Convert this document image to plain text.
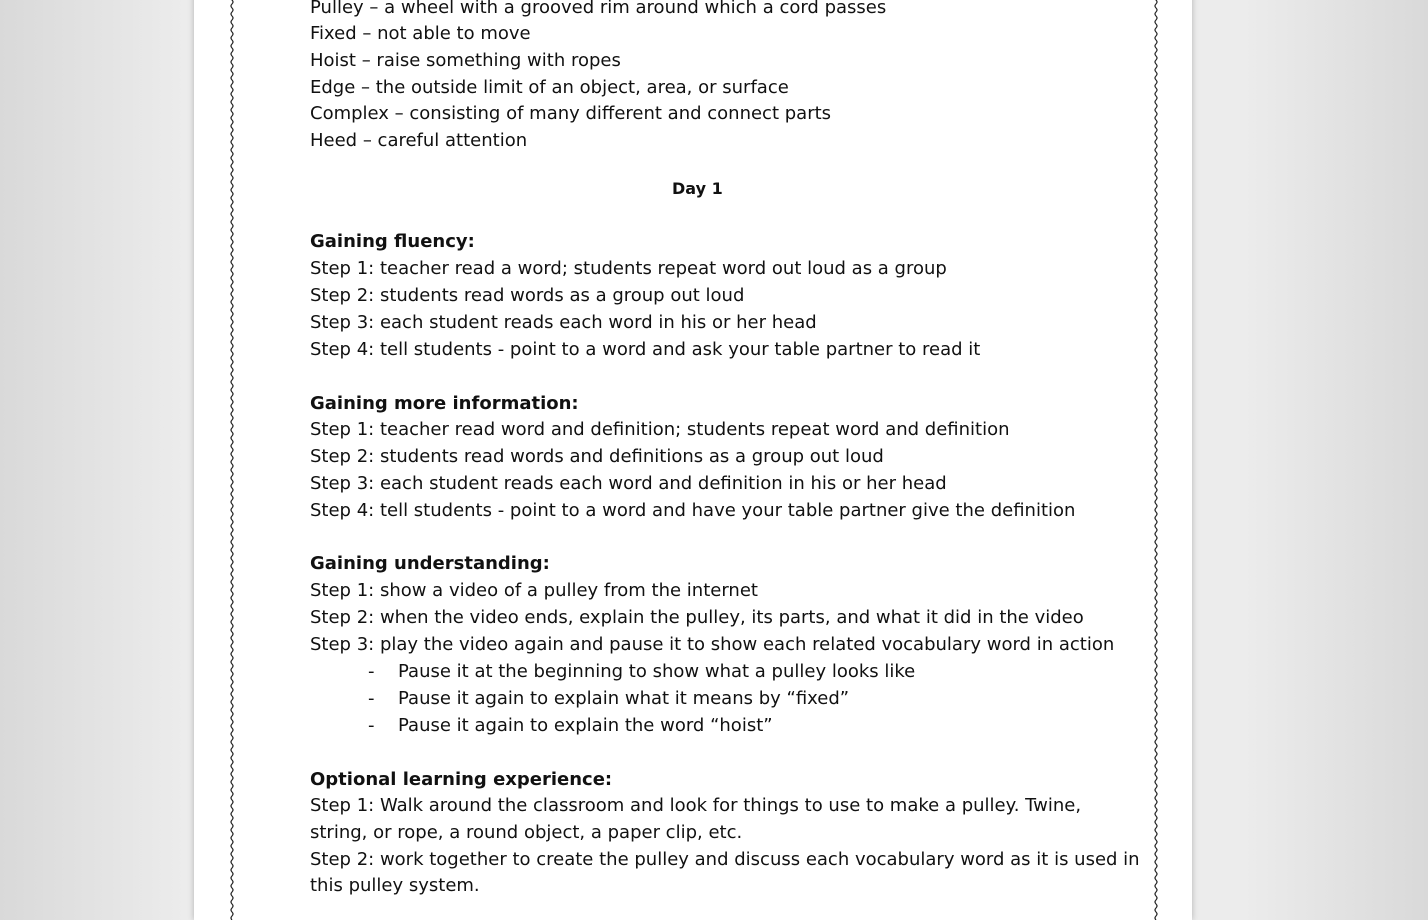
Pulley – a wheel with a grooved rim around which a cord passes
Fixed – not able to move
Hoist – raise something with ropes
Edge – the outside limit of an object, area, or surface
Complex – consisting of many different and connect parts
Heed – careful attention
Day 1
Gaining fluency:
Step 1: teacher read a word; students repeat word out loud as a group
Step 2: students read words as a group out loud
Step 3: each student reads each word in his or her head
Step 4: tell students - point to a word and ask your table partner to read it
Gaining more information:
Step 1: teacher read word and definition; students repeat word and definition
Step 2: students read words and definitions as a group out loud
Step 3: each student reads each word and definition in his or her head
Step 4: tell students - point to a word and have your table partner give the definition
Gaining understanding:
Step 1: show a video of a pulley from the internet
Step 2: when the video ends, explain the pulley, its parts, and what it did in the video
Step 3: play the video again and pause it to show each related vocabulary word in action
- Pause it at the beginning to show what a pulley looks like
- Pause it again to explain what it means by “fixed”
- Pause it again to explain the word “hoist”
Optional learning experience:
Step 1: Walk around the classroom and look for things to use to make a pulley. Twine,
string, or rope, a round object, a paper clip, etc.
Step 2: work together to create the pulley and discuss each vocabulary word as it is used in
this pulley system.
